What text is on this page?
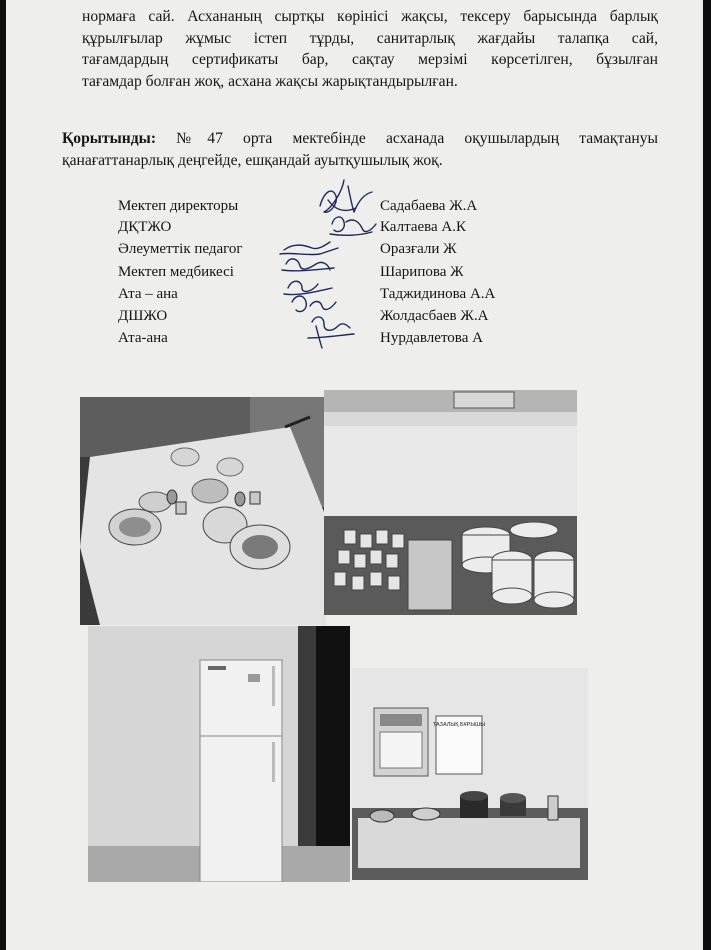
нормаға сай. Асхананың сыртқы көрінісі жақсы, тексеру барысында барлық
құрылғылар жұмыс істеп тұрды, санитарлық жағдайы талапқа сай,
тағамдардың сертификаты бар, сақтау мерзімі көрсетілген, бұзылған
тағамдар болған жоқ, асхана жақсы жарықтандырылған.
Қорытынды: №47 орта мектебінде асханада оқушылардың тамақтануы
қанағаттанарлық деңгейде, ешқандай ауытқушылық жоқ.
Мектеп директоры	Садабаева Ж.А
ДҚТЖО	Калтаева А.К
Әлеуметтік педагог	Оразғали Ж
Мектеп медбикесі	Шарипова Ж
Ата – ана	Таджидинова А.А
ДШЖО	Жолдасбаев Ж.А
Ата-ана	Нурдавлетова А
ТАЗАЛЫҚ БҰРЫШЫ
